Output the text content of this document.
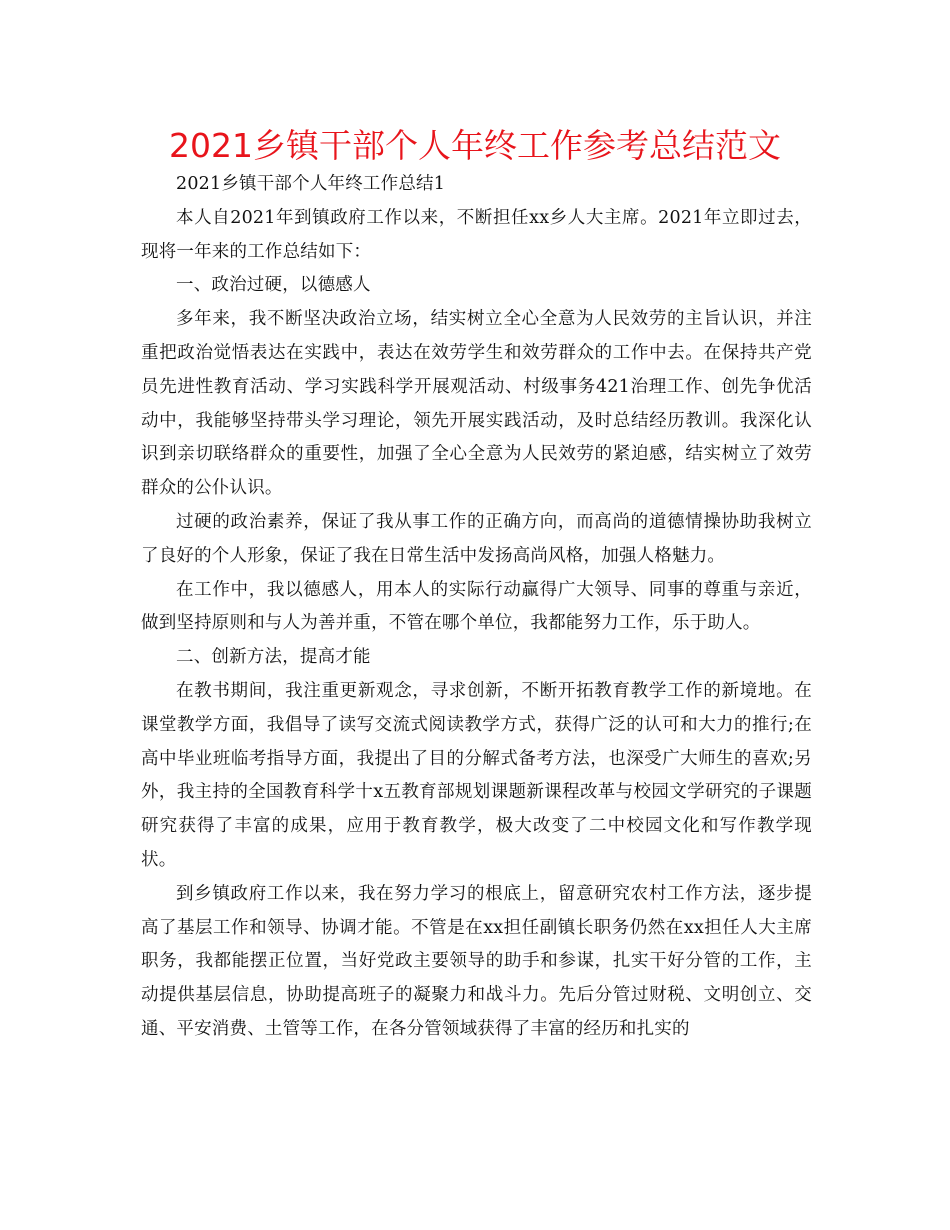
2021乡镇干部个人年终工作参考总结范文

2021乡镇干部个人年终工作总结1

本人自2021年到镇政府工作以来，不断担任xx乡人大主席。2021年立即过去，现将一年来的工作总结如下：

一、政治过硬，以德感人

多年来，我不断坚决政治立场，结实树立全心全意为人民效劳的主旨认识，并注重把政治觉悟表达在实践中，表达在效劳学生和效劳群众的工作中去。在保持共产党员先进性教育活动、学习实践科学开展观活动、村级事务421治理工作、创先争优活动中，我能够坚持带头学习理论，领先开展实践活动，及时总结经历教训。我深化认识到亲切联络群众的重要性，加强了全心全意为人民效劳的紧迫感，结实树立了效劳群众的公仆认识。

过硬的政治素养，保证了我从事工作的正确方向，而高尚的道德情操协助我树立了良好的个人形象，保证了我在日常生活中发扬高尚风格，加强人格魅力。

在工作中，我以德感人，用本人的实际行动赢得广大领导、同事的尊重与亲近，做到坚持原则和与人为善并重，不管在哪个单位，我都能努力工作，乐于助人。

二、创新方法，提高才能

在教书期间，我注重更新观念，寻求创新，不断开拓教育教学工作的新境地。在课堂教学方面，我倡导了读写交流式阅读教学方式，获得广泛的认可和大力的推行;在高中毕业班临考指导方面，我提出了目的分解式备考方法，也深受广大师生的喜欢;另外，我主持的全国教育科学十x五教育部规划课题新课程改革与校园文学研究的子课题研究获得了丰富的成果，应用于教育教学，极大改变了二中校园文化和写作教学现状。

到乡镇政府工作以来，我在努力学习的根底上，留意研究农村工作方法，逐步提高了基层工作和领导、协调才能。不管是在xx担任副镇长职务仍然在xx担任人大主席职务，我都能摆正位置，当好党政主要领导的助手和参谋，扎实干好分管的工作，主动提供基层信息，协助提高班子的凝聚力和战斗力。先后分管过财税、文明创立、交通、平安消费、土管等工作，在各分管领域获得了丰富的经历和扎实的
